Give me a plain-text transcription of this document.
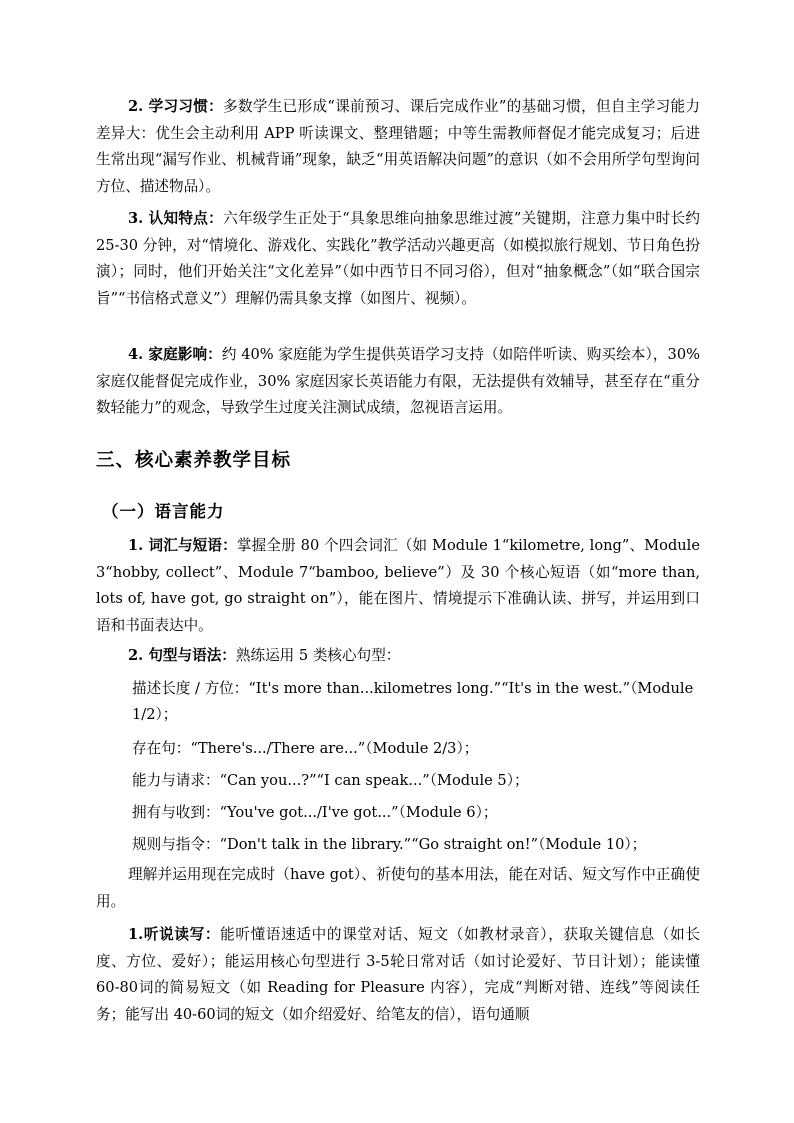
2. 学习习惯：多数学生已形成“课前预习、课后完成作业”的基础习惯，但自主学习能力差异大：优生会主动利用 APP 听读课文、整理错题；中等生需教师督促才能完成复习；后进生常出现“漏写作业、机械背诵”现象，缺乏“用英语解决问题”的意识（如不会用所学句型询问方位、描述物品）。

3. 认知特点：六年级学生正处于“具象思维向抽象思维过渡”关键期，注意力集中时长约 25-30 分钟，对“情境化、游戏化、实践化”教学活动兴趣更高（如模拟旅行规划、节日角色扮演）；同时，他们开始关注“文化差异”（如中西节日不同习俗），但对“抽象概念”（如“联合国宗旨”“书信格式意义”）理解仍需具象支撑（如图片、视频）。

4. 家庭影响：约 40% 家庭能为学生提供英语学习支持（如陪伴听读、购买绘本），30% 家庭仅能督促完成作业，30% 家庭因家长英语能力有限，无法提供有效辅导，甚至存在“重分数轻能力”的观念，导致学生过度关注测试成绩，忽视语言运用。

三、核心素养教学目标
（一）语言能力

1. 词汇与短语：掌握全册 80 个四会词汇（如 Module 1“kilometre, long”、Module 3“hobby, collect”、Module 7“bamboo, believe”）及 30 个核心短语（如“more than, lots of, have got, go straight on”），能在图片、情境提示下准确认读、拼写，并运用到口语和书面表达中。

2. 句型与语法：熟练运用 5 类核心句型：

描述长度 / 方位：“It's more than...kilometres long.”“It's in the west.”（Module 1/2）；

存在句：“There's.../There are...”（Module 2/3）；

能力与请求：“Can you...?”“I can speak...”（Module 5）；

拥有与收到：“You've got.../I've got...”（Module 6）；

规则与指令：“Don't talk in the library.”“Go straight on!”（Module 10）；

理解并运用现在完成时（have got）、祈使句的基本用法，能在对话、短文写作中正确使用。

1.听说读写：能听懂语速适中的课堂对话、短文（如教材录音），获取关键信息（如长度、方位、爱好）；能运用核心句型进行 3-5轮日常对话（如讨论爱好、节日计划）；能读懂 60-80词的简易短文（如 Reading for Pleasure 内容），完成“判断对错、连线”等阅读任务；能写出 40-60词的短文（如介绍爱好、给笔友的信），语句通顺
